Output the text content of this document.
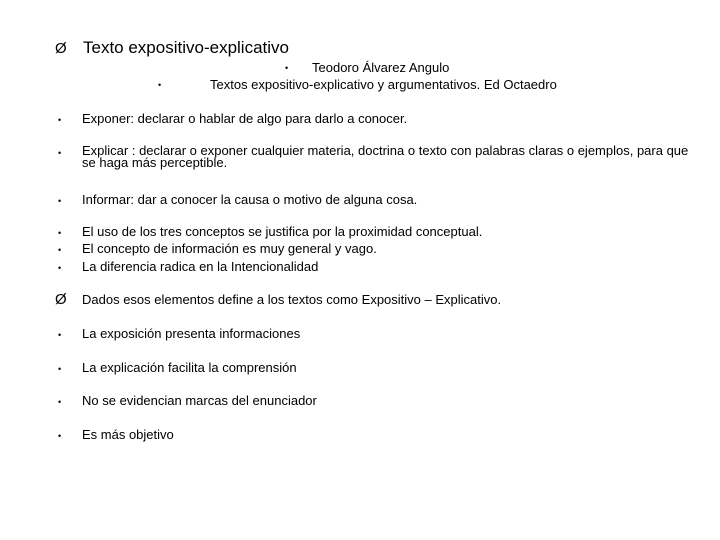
Ø Texto expositivo-explicativo
• Teodoro Álvarez Angulo
•	Textos expositivo-explicativo y argumentativos. Ed Octaedro
• Exponer: declarar o hablar de algo para darlo a conocer.
• Explicar : declarar o exponer cualquier materia, doctrina o texto con palabras claras o ejemplos, para que se haga más perceptible.
• Informar: dar a conocer la causa o motivo de alguna cosa.
• El uso de los tres conceptos se justifica por la proximidad conceptual.
• El concepto de información es muy general y vago.
• La diferencia radica en la Intencionalidad
Ø Dados esos elementos define a los textos como Expositivo – Explicativo.
• La exposición presenta informaciones
• La explicación facilita la comprensión
• No se evidencian marcas del enunciador
• Es más objetivo
